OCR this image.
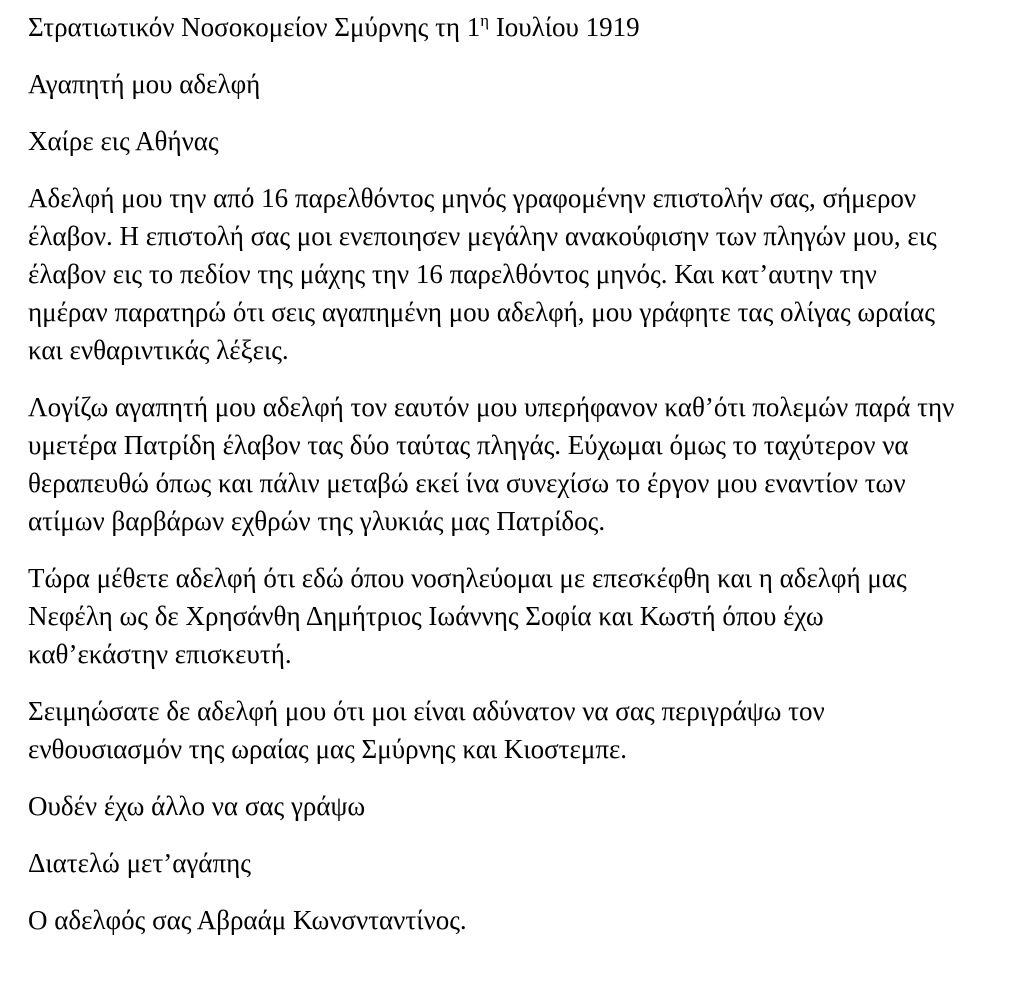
Στρατιωτικόν Νοσοκομείον Σμύρνης τη $1^\eta$ Ιουλίου 1919
Αγαπητή μου αδελφή
Χαίρε εις Αθήνας
Αδελφή μου την από 16 παρελθόντος μηνός γραφομένην επιστολήν σας, σήμερον
έλαβον. Η επιστολή σας μοι ενεποιησεν μεγάλην ανακούφισην των πληγών μου, εις
έλαβον εις το πεδίον της μάχης την 16 παρελθόντος μηνός. Και κατ’αυτην την
ημέραν παρατηρώ ότι σεις αγαπημένη μου αδελφή, μου γράφητε τας ολίγας ωραίας
και ενθαριντικάς λέξεις.
Λογίζω αγαπητή μου αδελφή τον εαυτόν μου υπερήφανον καθ’ότι πολεμών παρά την
υμετέρα Πατρίδη έλαβον τας δύο ταύτας πληγάς. Εύχωμαι όμως το ταχύτερον να
θεραπευθώ όπως και πάλιν μεταβώ εκεί ίνα συνεχίσω το έργον μου εναντίον των
ατίμων βαρβάρων εχθρών της γλυκιάς μας Πατρίδος.
Τώρα μέθετε αδελφή ότι εδώ όπου νοσηλεύομαι με επεσκέφθη και η αδελφή μας
Νεφέλη ως δε Χρησάνθη Δημήτριος Ιωάννης Σοφία και Κωστή όπου έχω
καθ’εκάστην επισκευτή.
Σειμηώσατε δε αδελφή μου ότι μοι είναι αδύνατον να σας περιγράψω τον
ενθουσιασμόν της ωραίας μας Σμύρνης και Κιοστεμπε.
Ουδέν έχω άλλο να σας γράψω
Διατελώ μετ’αγάπης
Ο αδελφός σας Αβραάμ Κωνσνταντίνος.
